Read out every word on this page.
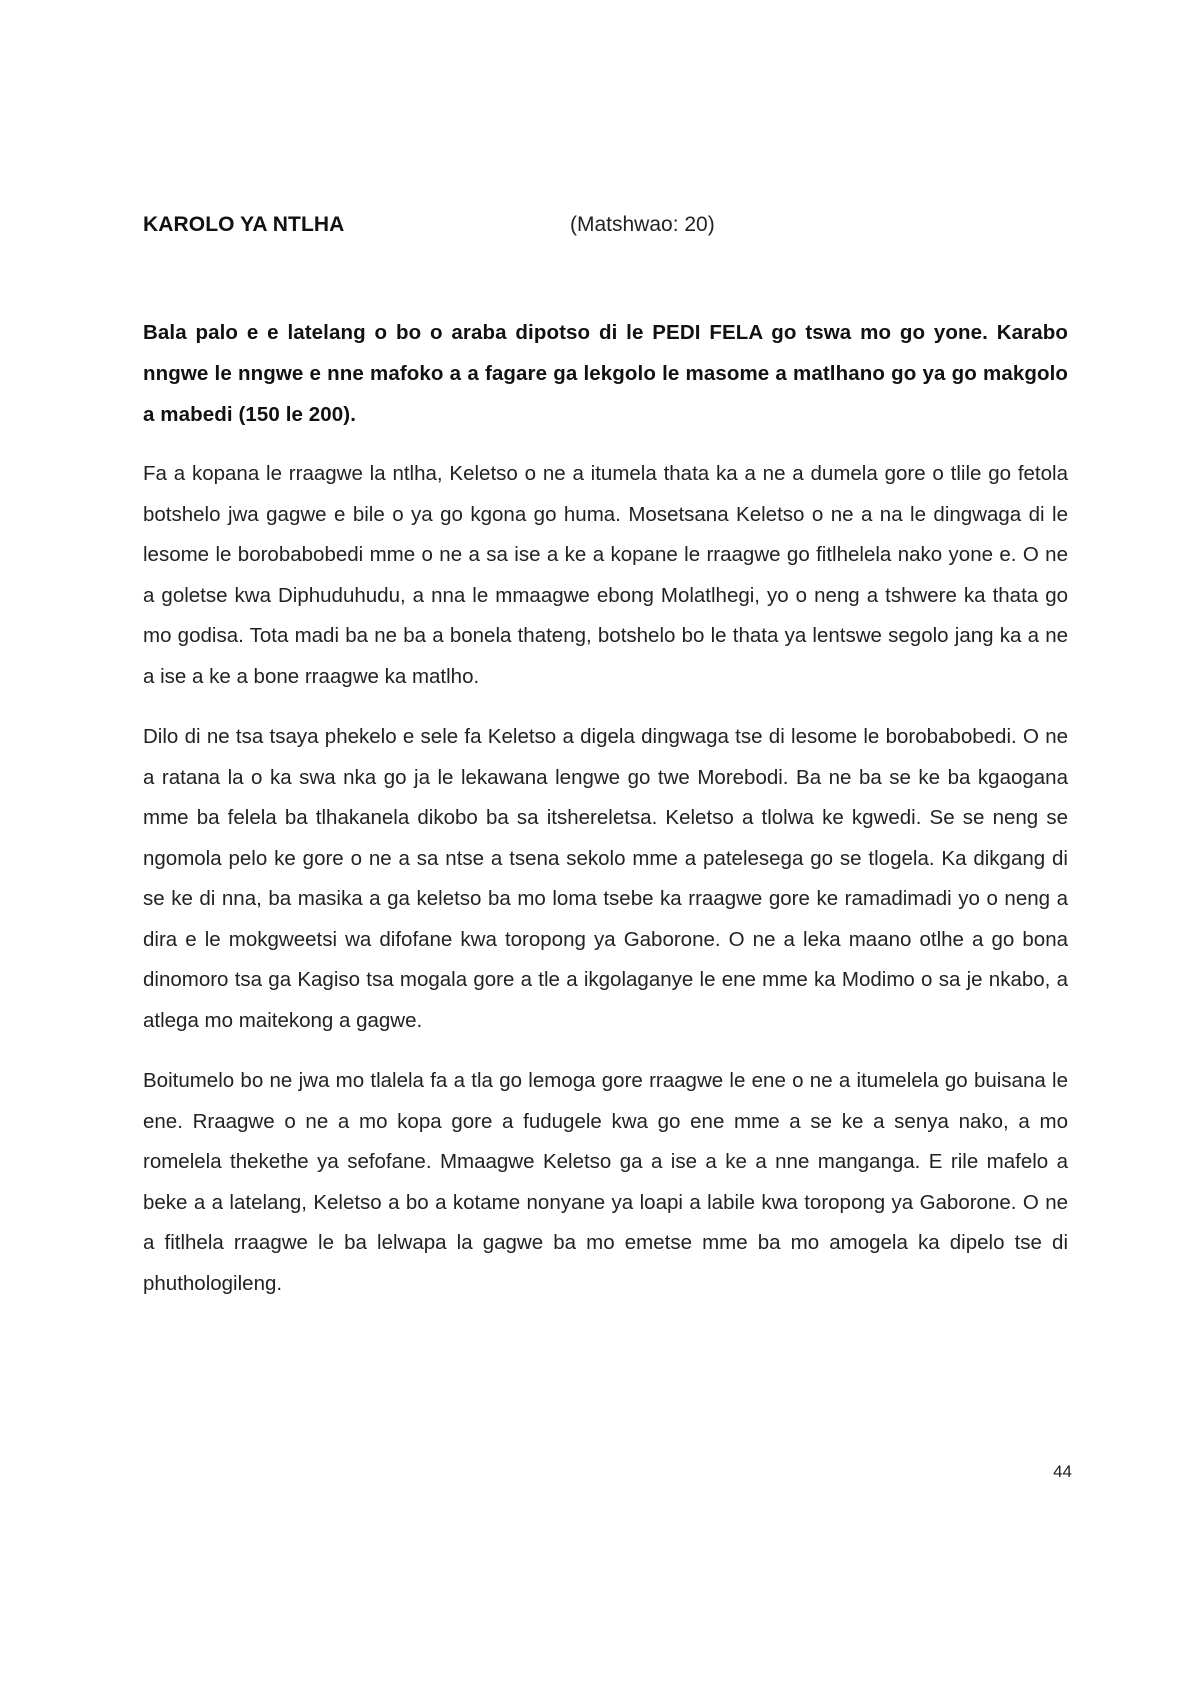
KAROLO YA NTLHA	(Matshwao: 20)
Bala palo e e latelang o bo o araba dipotso di le PEDI FELA go tswa mo go yone. Karabo nngwe le nngwe e nne mafoko a a fagare ga lekgolo le masome a matlhano go ya go makgolo a mabedi (150 le 200).

Fa a kopana le rraagwe la ntlha, Keletso o ne a itumela thata ka a ne a dumela gore o tlile go fetola botshelo jwa gagwe e bile o ya go kgona go huma. Mosetsana Keletso o ne a na le dingwaga di le lesome le borobabobedi mme o ne a sa ise a ke a kopane le rraagwe go fitlhelela nako yone e. O ne a goletse kwa Diphuduhudu, a nna le mmaagwe ebong Molatlhegi, yo o neng a tshwere ka thata go mo godisa. Tota madi ba ne ba a bonela thateng, botshelo bo le thata ya lentswe segolo jang ka a ne a ise a ke a bone rraagwe ka matlho.

Dilo di ne tsa tsaya phekelo e sele fa Keletso a digela dingwaga tse di lesome le borobabobedi. O ne a ratana la o ka swa nka go ja le lekawana lengwe go twe Morebodi. Ba ne ba se ke ba kgaogana mme ba felela ba tlhakanela dikobo ba sa itshereletsa. Keletso a tlolwa ke kgwedi. Se se neng se ngomola pelo ke gore o ne a sa ntse a tsena sekolo mme a patelesega go se tlogela. Ka dikgang di se ke di nna, ba masika a ga keletso ba mo loma tsebe ka rraagwe gore ke ramadimadi yo o neng a dira e le mokgweetsi wa difofane kwa toropong ya Gaborone. O ne a leka maano otlhe a go bona dinomoro tsa ga Kagiso tsa mogala gore a tle a ikgolaganye le ene mme ka Modimo o sa je nkabo, a atlega mo maitekong a gagwe.

Boitumelo bo ne jwa mo tlalela fa a tla go lemoga gore rraagwe le ene o ne a itumelela go buisana le ene. Rraagwe o ne a mo kopa gore a fudugele kwa go ene mme a se ke a senya nako, a mo romelela thekethe ya sefofane. Mmaagwe Keletso ga a ise a ke a nne manganga. E rile mafelo a beke a a latelang, Keletso a bo a kotame nonyane ya loapi a labile kwa toropong ya Gaborone. O ne a fitlhela rraagwe le ba lelwapa la gagwe ba mo emetse mme ba mo amogela ka dipelo tse di phuthologileng.

44
